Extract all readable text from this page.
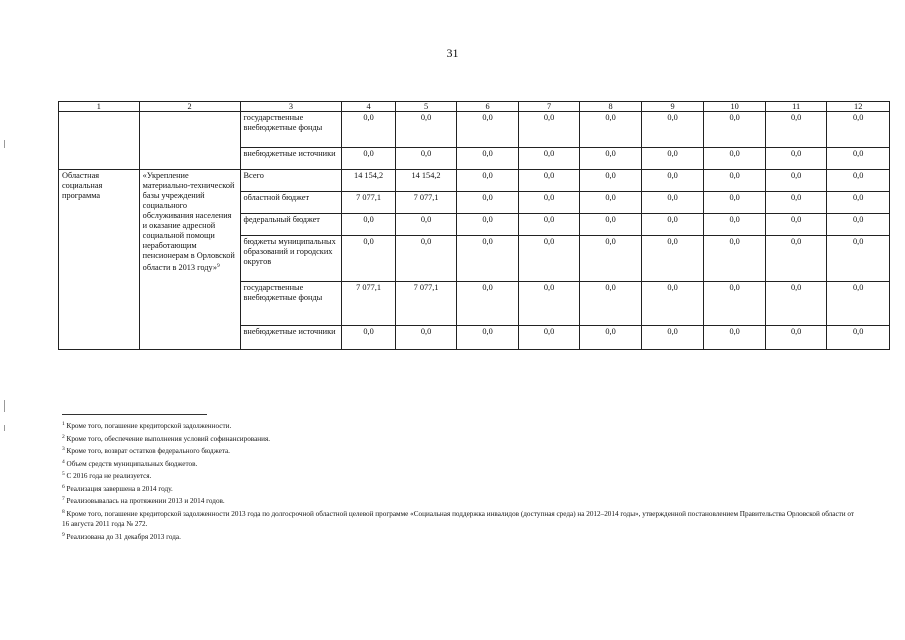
31
1	2	3	4	5	6	7	8	9	10	11	12
		государственные внебюджетные фонды	0,0	0,0	0,0	0,0	0,0	0,0	0,0	0,0	0,0
		внебюджетные источники	0,0	0,0	0,0	0,0	0,0	0,0	0,0	0,0	0,0
Областная социальная программа	«Укрепление материально-технической базы учреждений социального обслуживания населения и оказание адресной социальной помощи неработающим пенсионерам в Орловской области в 2013 году»$^9$	Всего	14 154,2	14 154,2	0,0	0,0	0,0	0,0	0,0	0,0	0,0
		областной бюджет	7 077,1	7 077,1	0,0	0,0	0,0	0,0	0,0	0,0	0,0
		федеральный бюджет	0,0	0,0	0,0	0,0	0,0	0,0	0,0	0,0	0,0
		бюджеты муниципальных образований и городских округов	0,0	0,0	0,0	0,0	0,0	0,0	0,0	0,0	0,0
		государственные внебюджетные фонды	7 077,1	7 077,1	0,0	0,0	0,0	0,0	0,0	0,0	0,0
		внебюджетные источники	0,0	0,0	0,0	0,0	0,0	0,0	0,0	0,0	0,0
$^1$ Кроме того, погашение кредиторской задолженности.
$^2$ Кроме того, обеспечение выполнения условий софинансирования.
$^3$ Кроме того, возврат остатков федерального бюджета.
$^4$ Объем средств муниципальных бюджетов.
$^5$ С 2016 года не реализуется.
$^6$ Реализация завершена в 2014 году.
$^7$ Реализовывалась на протяжении 2013 и 2014 годов.
$^8$ Кроме того, погашение кредиторской задолженности 2013 года по долгосрочной областной целевой программе «Социальная поддержка инвалидов (доступная среда) на 2012–2014 годы», утвержденной постановлением Правительства Орловской области от 16 августа 2011 года № 272.
$^9$ Реализована до 31 декабря 2013 года.
